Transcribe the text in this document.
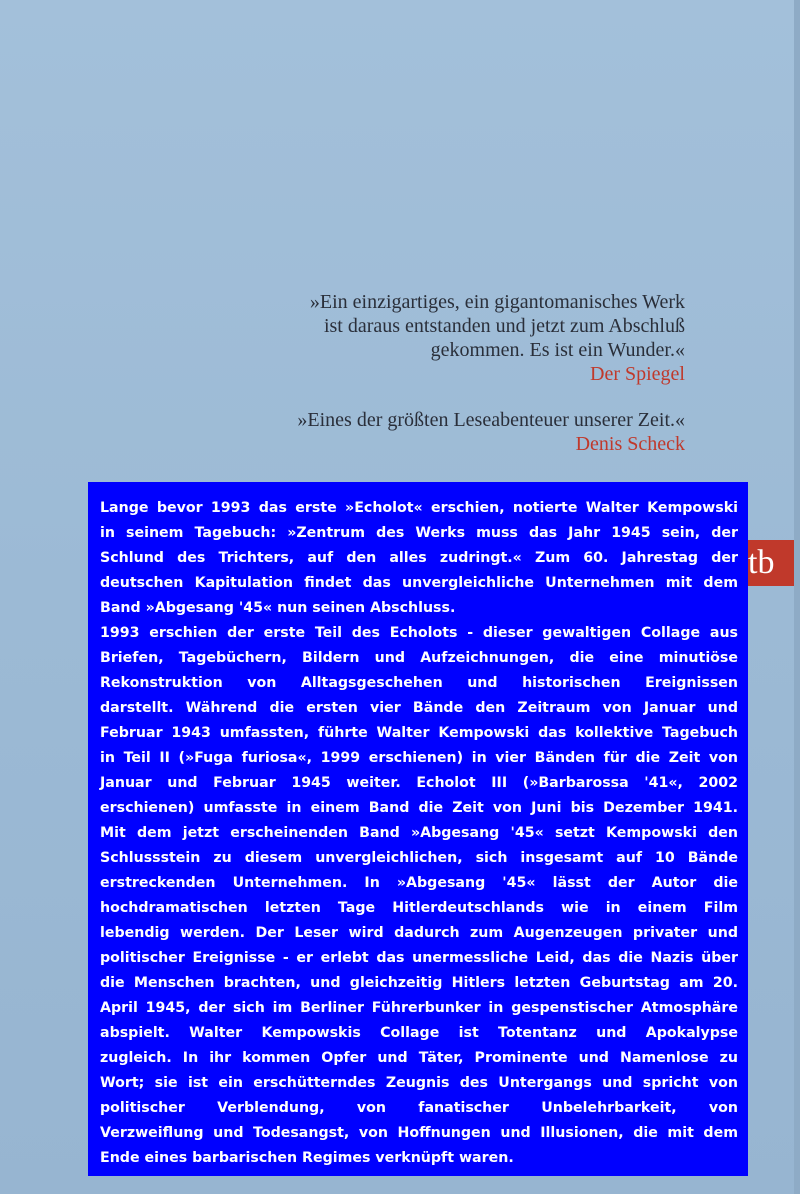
»Ein einzigartiges, ein gigantomanisches Werk

ist daraus entstanden und jetzt zum Abschluß

gekommen. Es ist ein Wunder.«

Der Spiegel

»Eines der größten Leseabenteuer unserer Zeit.«

Denis Scheck

tb

Lange bevor 1993 das erste »Echolot« erschien, notierte Walter Kempowski
in seinem Tagebuch: »Zentrum des Werks muss das Jahr 1945 sein, der
Schlund des Trichters, auf den alles zudringt.« Zum 60. Jahrestag der
deutschen Kapitulation findet das unvergleichliche Unternehmen mit dem
Band »Abgesang '45« nun seinen Abschluss.

1993 erschien der erste Teil des Echolots - dieser gewaltigen Collage aus
Briefen, Tagebüchern, Bildern und Aufzeichnungen, die eine minutiöse
Rekonstruktion von Alltagsgeschehen und historischen Ereignissen
darstellt. Während die ersten vier Bände den Zeitraum von Januar und
Februar 1943 umfassten, führte Walter Kempowski das kollektive Tagebuch
in Teil II (»Fuga furiosa«, 1999 erschienen) in vier Bänden für die Zeit von
Januar und Februar 1945 weiter. Echolot III (»Barbarossa '41«, 2002
erschienen) umfasste in einem Band die Zeit von Juni bis Dezember 1941.
Mit dem jetzt erscheinenden Band »Abgesang '45« setzt Kempowski den
Schlussstein zu diesem unvergleichlichen, sich insgesamt auf 10 Bände
erstreckenden Unternehmen. In »Abgesang '45« lässt der Autor die
hochdramatischen letzten Tage Hitlerdeutschlands wie in einem Film
lebendig werden. Der Leser wird dadurch zum Augenzeugen privater und
politischer Ereignisse - er erlebt das unermessliche Leid, das die Nazis über
die Menschen brachten, und gleichzeitig Hitlers letzten Geburtstag am 20.
April 1945, der sich im Berliner Führerbunker in gespenstischer Atmosphäre
abspielt. Walter Kempowskis Collage ist Totentanz und Apokalypse
zugleich. In ihr kommen Opfer und Täter, Prominente und Namenlose zu
Wort; sie ist ein erschütterndes Zeugnis des Untergangs und spricht von
politischer Verblendung, von fanatischer Unbelehrbarkeit, von
Verzweiflung und Todesangst, von Hoffnungen und Illusionen, die mit dem
Ende eines barbarischen Regimes verknüpft waren.
